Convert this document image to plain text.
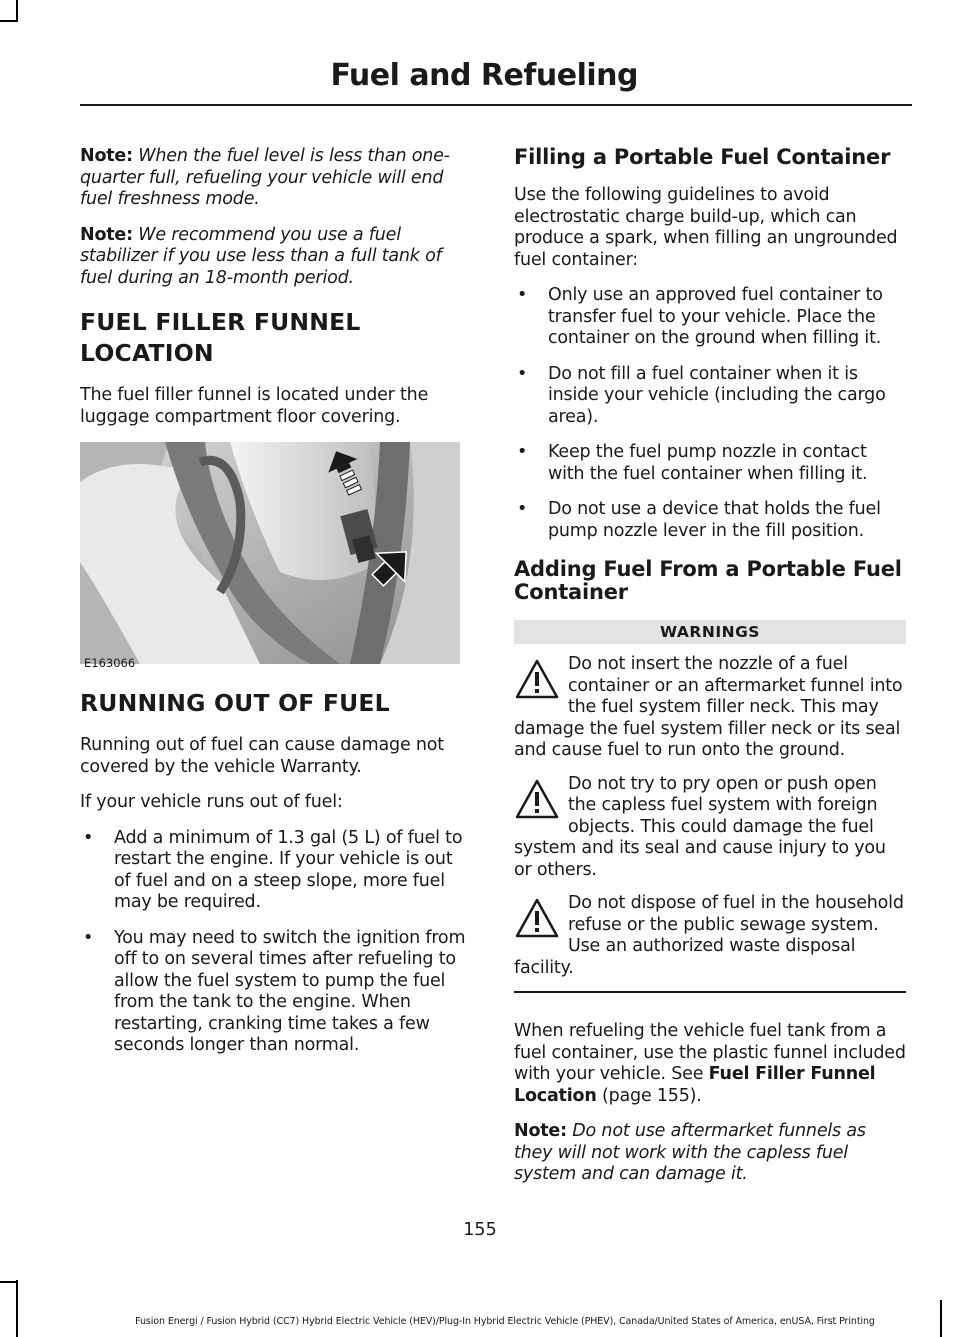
Fuel and Refueling

Note: When the fuel level is less than one-quarter full, refueling your vehicle will end fuel freshness mode.

Note: We recommend you use a fuel stabilizer if you use less than a full tank of fuel during an 18-month period.

FUEL FILLER FUNNEL
LOCATION

The fuel filler funnel is located under the luggage compartment floor covering.

E163066
RUNNING OUT OF FUEL

Running out of fuel can cause damage not covered by the vehicle Warranty.

If your vehicle runs out of fuel:

• Add a minimum of 1.3 gal (5 L) of fuel to restart the engine. If your vehicle is out of fuel and on a steep slope, more fuel may be required.
• You may need to switch the ignition from off to on several times after refueling to allow the fuel system to pump the fuel from the tank to the engine. When restarting, cranking time takes a few seconds longer than normal.
Filling a Portable Fuel Container

Use the following guidelines to avoid electrostatic charge build-up, which can produce a spark, when filling an ungrounded fuel container:

• Only use an approved fuel container to transfer fuel to your vehicle. Place the container on the ground when filling it.
• Do not fill a fuel container when it is inside your vehicle (including the cargo area).
• Keep the fuel pump nozzle in contact with the fuel container when filling it.
• Do not use a device that holds the fuel pump nozzle lever in the fill position.
Adding Fuel From a Portable Fuel Container
WARNINGS
Do not insert the nozzle of a fuel container or an aftermarket funnel into the fuel system filler neck. This may damage the fuel system filler neck or its seal and cause fuel to run onto the ground.
Do not try to pry open or push open the capless fuel system with foreign objects. This could damage the fuel system and its seal and cause injury to you or others.
Do not dispose of fuel in the household refuse or the public sewage system. Use an authorized waste disposal facility.

When refueling the vehicle fuel tank from a fuel container, use the plastic funnel included with your vehicle. See Fuel Filler Funnel Location (page 155).

Note: Do not use aftermarket funnels as they will not work with the capless fuel system and can damage it.

155
Fusion Energi / Fusion Hybrid (CC7) Hybrid Electric Vehicle (HEV)/Plug-In Hybrid Electric Vehicle (PHEV), Canada/United States of America, enUSA, First Printing
